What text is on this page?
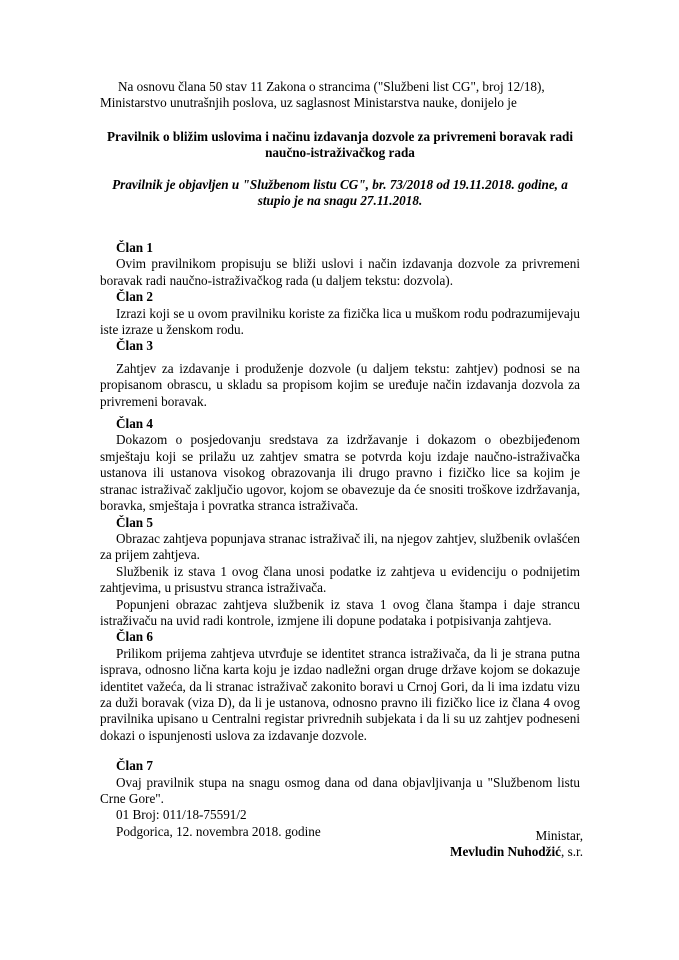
Na osnovu člana 50 stav 11 Zakona o strancima ("Službeni list CG", broj 12/18),

Ministarstvo unutrašnjih poslova, uz saglasnost Ministarstva nauke, donijelo je

Pravilnik o bližim uslovima i načinu izdavanja dozvole za privremeni boravak radi naučno-istraživačkog rada
Pravilnik je objavljen u "Službenom listu CG", br. 73/2018 od 19.11.2018. godine, a stupio je na snagu 27.11.2018.

Član 1

Ovim pravilnikom propisuju se bliži uslovi i način izdavanja dozvole za privremeni boravak radi naučno-istraživačkog rada (u daljem tekstu: dozvola).

Član 2

Izrazi koji se u ovom pravilniku koriste za fizička lica u muškom rodu podrazumijevaju iste izraze u ženskom rodu.

Član 3

Zahtjev za izdavanje i produženje dozvole (u daljem tekstu: zahtjev) podnosi se na propisanom obrascu, u skladu sa propisom kojim se uređuje način izdavanja dozvola za privremeni boravak.

Član 4

Dokazom o posjedovanju sredstava za izdržavanje i dokazom o obezbijeđenom smještaju koji se prilažu uz zahtjev smatra se potvrda koju izdaje naučno-istraživačka ustanova ili ustanova visokog obrazovanja ili drugo pravno i fizičko lice sa kojim je stranac istraživač zaključio ugovor, kojom se obavezuje da će snositi troškove izdržavanja, boravka, smještaja i povratka stranca istraživača.

Član 5

Obrazac zahtjeva popunjava stranac istraživač ili, na njegov zahtjev, službenik ovlašćen za prijem zahtjeva.

Službenik iz stava 1 ovog člana unosi podatke iz zahtjeva u evidenciju o podnijetim zahtjevima, u prisustvu stranca istraživača.

Popunjeni obrazac zahtjeva službenik iz stava 1 ovog člana štampa i daje strancu istraživaču na uvid radi kontrole, izmjene ili dopune podataka i potpisivanja zahtjeva.

Član 6

Prilikom prijema zahtjeva utvrđuje se identitet stranca istraživača, da li je strana putna isprava, odnosno lična karta koju je izdao nadležni organ druge države kojom se dokazuje identitet važeća, da li stranac istraživač zakonito boravi u Crnoj Gori, da li ima izdatu vizu za duži boravak (viza D), da li je ustanova, odnosno pravno ili fizičko lice iz člana 4 ovog pravilnika upisano u Centralni registar privrednih subjekata i da li su uz zahtjev podneseni dokazi o ispunjenosti uslova za izdavanje dozvole.

Član 7

Ovaj pravilnik stupa na snagu osmog dana od dana objavljivanja u "Službenom listu Crne Gore".

01 Broj: 011/18-75591/2

Podgorica, 12. novembra 2018. godine	Ministar,
Mevludin Nuhodžić, s.r.
